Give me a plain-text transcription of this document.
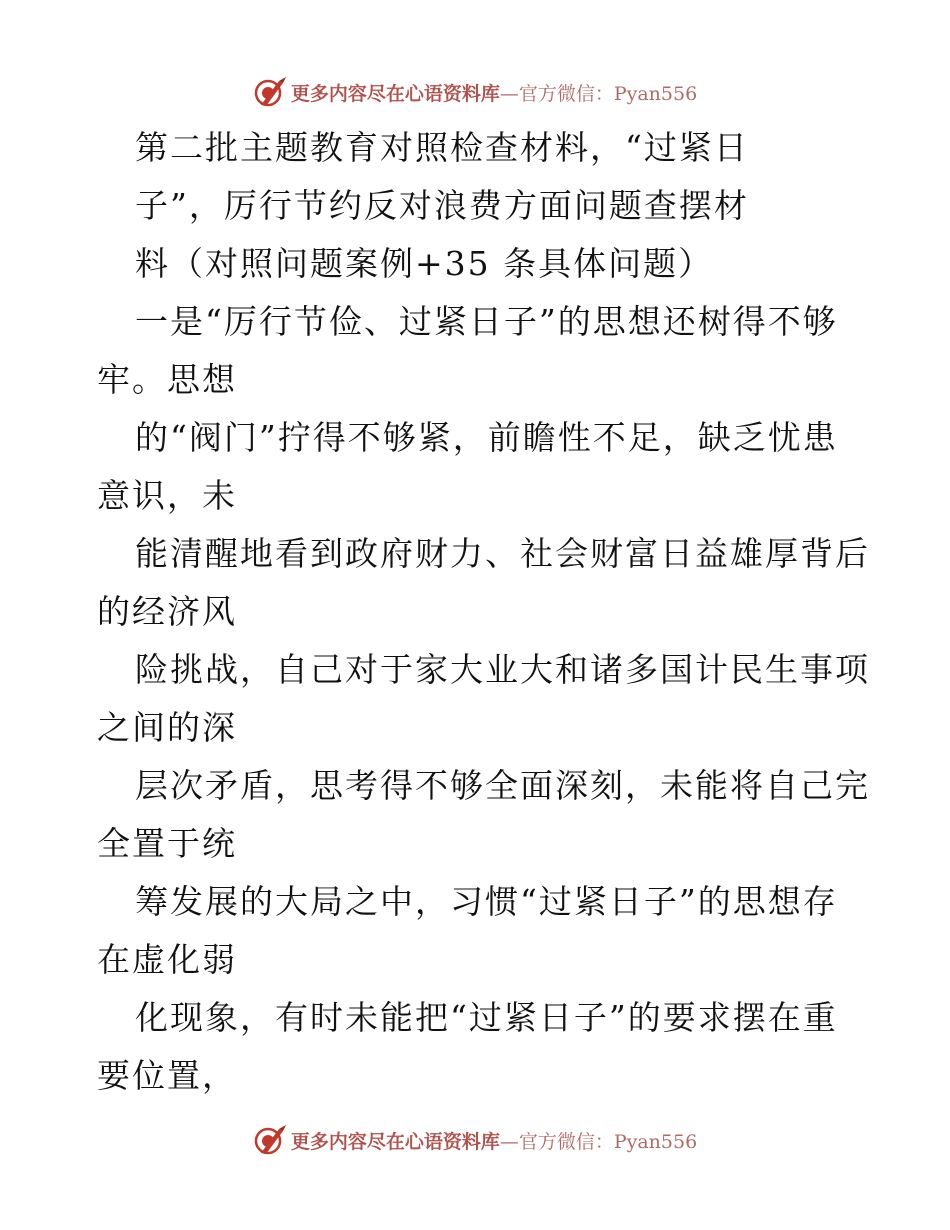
更多内容尽在心语资料库—官方微信：Pyan556
第二批主题教育对照检查材料，“过紧日
子”，厉行节约反对浪费方面问题查摆材
料（对照问题案例+35 条具体问题）
一是“厉行节俭、过紧日子”的思想还树得不够
牢。思想
的“阀门”拧得不够紧，前瞻性不足，缺乏忧患
意识，未
能清醒地看到政府财力、社会财富日益雄厚背后
的经济风
险挑战，自己对于家大业大和诸多国计民生事项
之间的深
层次矛盾，思考得不够全面深刻，未能将自己完
全置于统
筹发展的大局之中，习惯“过紧日子”的思想存
在虚化弱
化现象，有时未能把“过紧日子”的要求摆在重
要位置，
更多内容尽在心语资料库—官方微信：Pyan556
